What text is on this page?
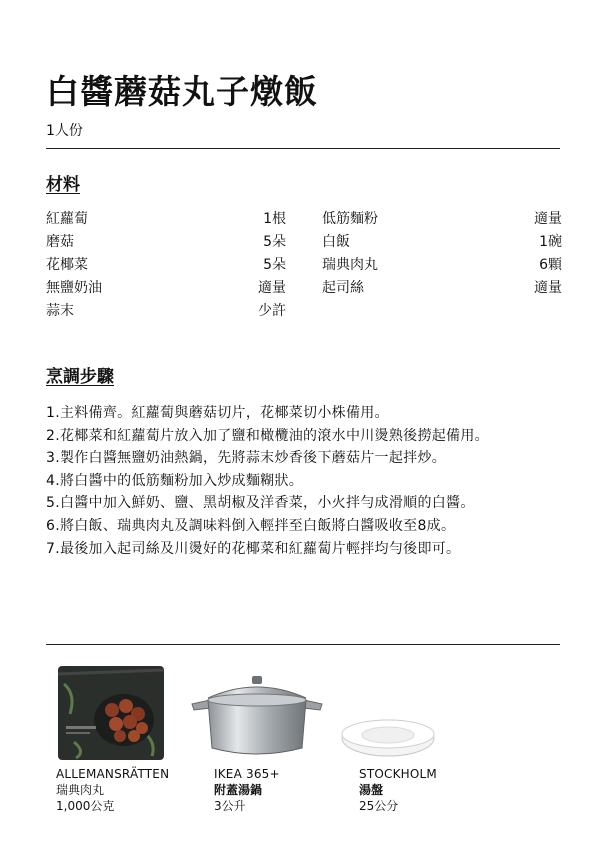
白醬蘑菇丸子燉飯
1人份
材料
紅蘿蔔	1根
磨菇	5朵
花椰菜	5朵
無鹽奶油	適量
蒜末	少許
低筋麵粉	適量
白飯	1碗
瑞典肉丸	6顆
起司絲	適量
烹調步驟
1.主料備齊。紅蘿蔔與蘑菇切片，花椰菜切小株備用。
2.花椰菜和紅蘿蔔片放入加了鹽和橄欖油的滾水中川燙熟後撈起備用。
3.製作白醬無鹽奶油熱鍋，先將蒜末炒香後下蘑菇片一起拌炒。
4.將白醬中的低筋麵粉加入炒成麵糊狀。
5.白醬中加入鮮奶、鹽、黑胡椒及洋香菜，小火拌勻成滑順的白醬。
6.將白飯、瑞典肉丸及調味料倒入輕拌至白飯將白醬吸收至8成。
7.最後加入起司絲及川燙好的花椰菜和紅蘿蔔片輕拌均勻後即可。
ALLEMANSRÄTTEN
瑞典肉丸
1,000公克
IKEA 365+
附蓋湯鍋
3公升
STOCKHOLM
湯盤
25公分
